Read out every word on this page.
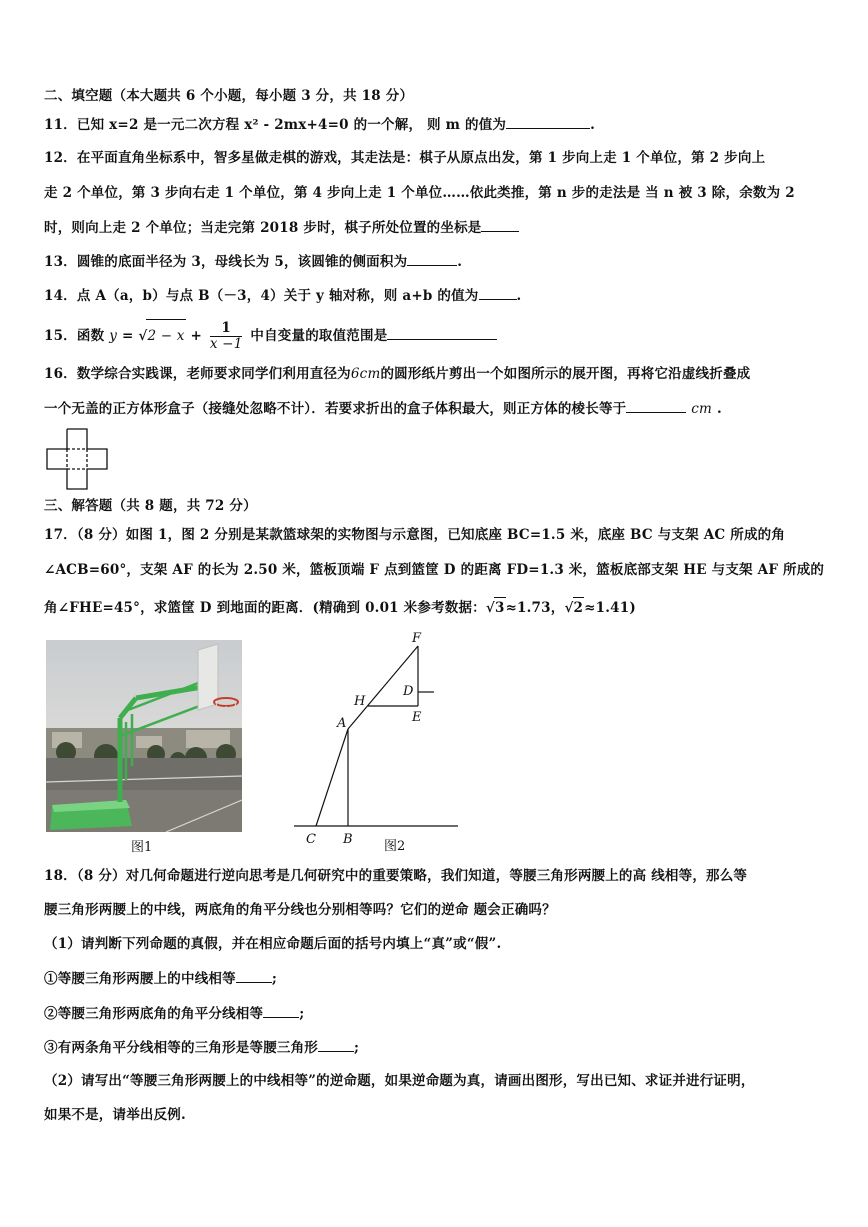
二、填空题（本大题共 6 个小题，每小题 3 分，共 18 分）
11．已知 x=2 是一元二次方程 x² - 2mx+4=0 的一个解， 则 m 的值为	.
12．在平面直角坐标系中，智多星做走棋的游戏，其走法是：棋子从原点出发，第 1 步向上走 1 个单位，第 2 步向上
走 2 个单位，第 3 步向右走 1 个单位，第 4 步向上走 1 个单位……依此类推，第 n 步的走法是 当 n 被 3 除，余数为 2
时，则向上走 2 个单位；当走完第 2018 步时，棋子所处位置的坐标是
13．圆锥的底面半径为 3，母线长为 5，该圆锥的侧面积为	.
14．点 A（a，b）与点 B（－3，4）关于 y 轴对称，则 a+b 的值为	.
15．函数 $y = √2 - x + \frac{1}{x -1}$ 中自变量的取值范围是
16．数学综合实践课，老师要求同学们利用直径为6cm的圆形纸片剪出一个如图所示的展开图，再将它沿虚线折叠成
一个无盖的正方体形盒子（接缝处忽略不计）．若要求折出的盒子体积最大，则正方体的棱长等于	cm .
三、解答题（共 8 题，共 72 分）
17．（8 分）如图 1，图 2 分别是某款篮球架的实物图与示意图，已知底座 BC=1.5 米，底座 BC 与支架 AC 所成的角
∠ACB=60°，支架 AF 的长为 2.50 米，篮板顶端 F 点到篮筐 D 的距离 FD=1.3 米，篮板底部支架 HE 与支架 AF 所成的
角∠FHE=45°，求篮筐 D 到地面的距离．(精确到 0.01 米参考数据：√3≈1.73，√2≈1.41)
图1
F
H
D
A	E
C B 图2
18．（8 分）对几何命题进行逆向思考是几何研究中的重要策略，我们知道，等腰三角形两腰上的高 线相等，那么等
腰三角形两腰上的中线，两底角的角平分线也分别相等吗？它们的逆命 题会正确吗？
（1）请判断下列命题的真假，并在相应命题后面的括号内填上“真”或“假”.
①等腰三角形两腰上的中线相等	;
②等腰三角形两底角的角平分线相等	;
③有两条角平分线相等的三角形是等腰三角形	;
（2）请写出“等腰三角形两腰上的中线相等”的逆命题，如果逆命题为真，请画出图形，写出已知、求证并进行证明，
如果不是，请举出反例.
